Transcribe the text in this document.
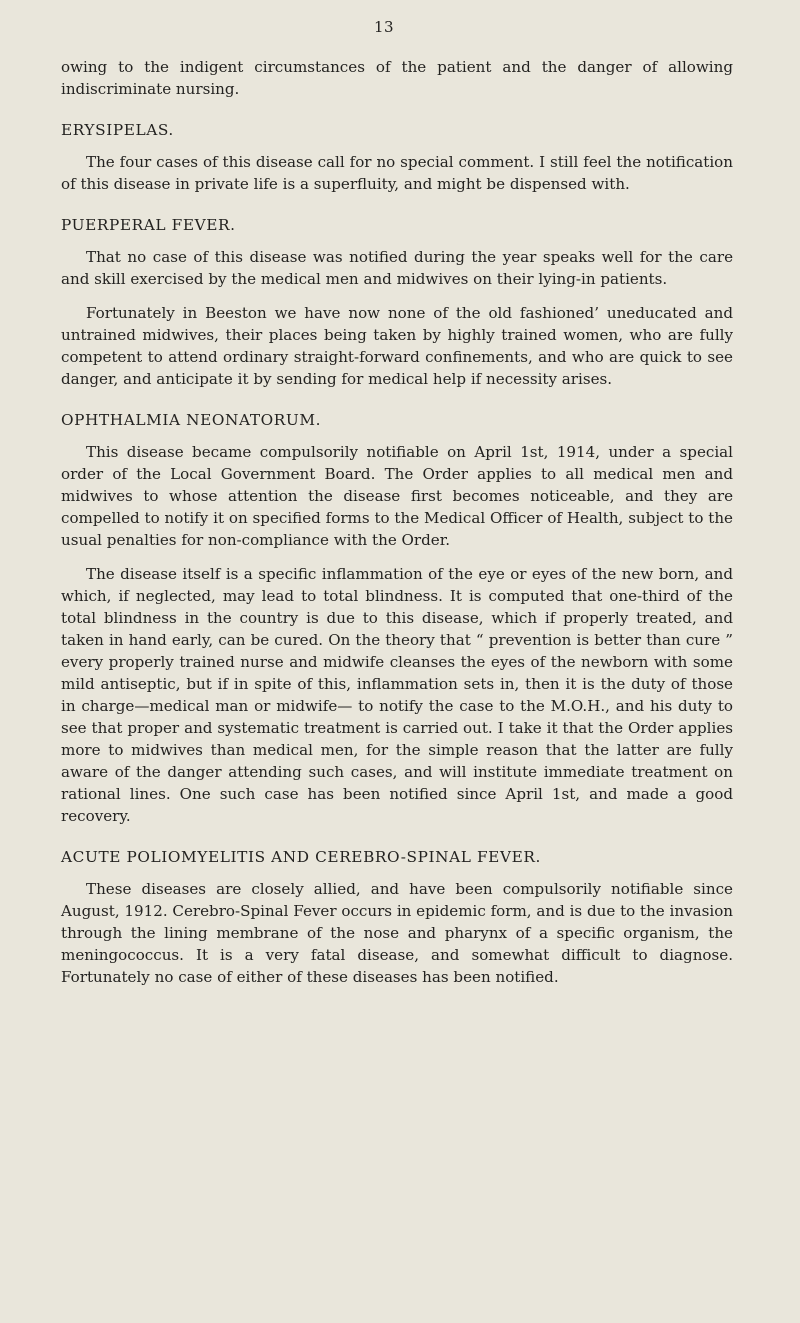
13

owing to the indigent circumstances of the patient and the danger of allowing indiscriminate nursing.

ERYSIPELAS.

The four cases of this disease call for no special comment. I still feel the notification of this disease in private life is a superfluity, and might be dispensed with.

PUERPERAL FEVER.

That no case of this disease was notified during the year speaks well for the care and skill exercised by the medical men and midwives on their lying-in patients.

Fortunately in Beeston we have now none of the old fashioned’ uneducated and untrained midwives, their places being taken by highly trained women, who are fully competent to attend ordinary straight-forward confinements, and who are quick to see danger, and anticipate it by sending for medical help if necessity arises.

OPHTHALMIA NEONATORUM.

This disease became compulsorily notifiable on April 1st, 1914, under a special order of the Local Government Board. The Order applies to all medical men and midwives to whose attention the disease first becomes noticeable, and they are compelled to notify it on specified forms to the Medical Officer of Health, subject to the usual penalties for non-compliance with the Order.

The disease itself is a specific inflammation of the eye or eyes of the new born, and which, if neglected, may lead to total blindness. It is computed that one-third of the total blindness in the country is due to this disease, which if properly treated, and taken in hand early, can be cured. On the theory that “ prevention is better than cure ” every properly trained nurse and midwife cleanses the eyes of the newborn with some mild antiseptic, but if in spite of this, inflammation sets in, then it is the duty of those in charge—medical man or midwife— to notify the case to the M.O.H., and his duty to see that proper and systematic treatment is carried out. I take it that the Order applies more to midwives than medical men, for the simple reason that the latter are fully aware of the danger attending such cases, and will institute immediate treatment on rational lines. One such case has been notified since April 1st, and made a good recovery.

ACUTE POLIOMYELITIS AND CEREBRO-SPINAL FEVER.

These diseases are closely allied, and have been compulsorily notifiable since August, 1912. Cerebro-Spinal Fever occurs in epidemic form, and is due to the invasion through the lining membrane of the nose and pharynx of a specific organism, the meningococcus. It is a very fatal disease, and somewhat difficult to diagnose. Fortunately no case of either of these diseases has been notified.
